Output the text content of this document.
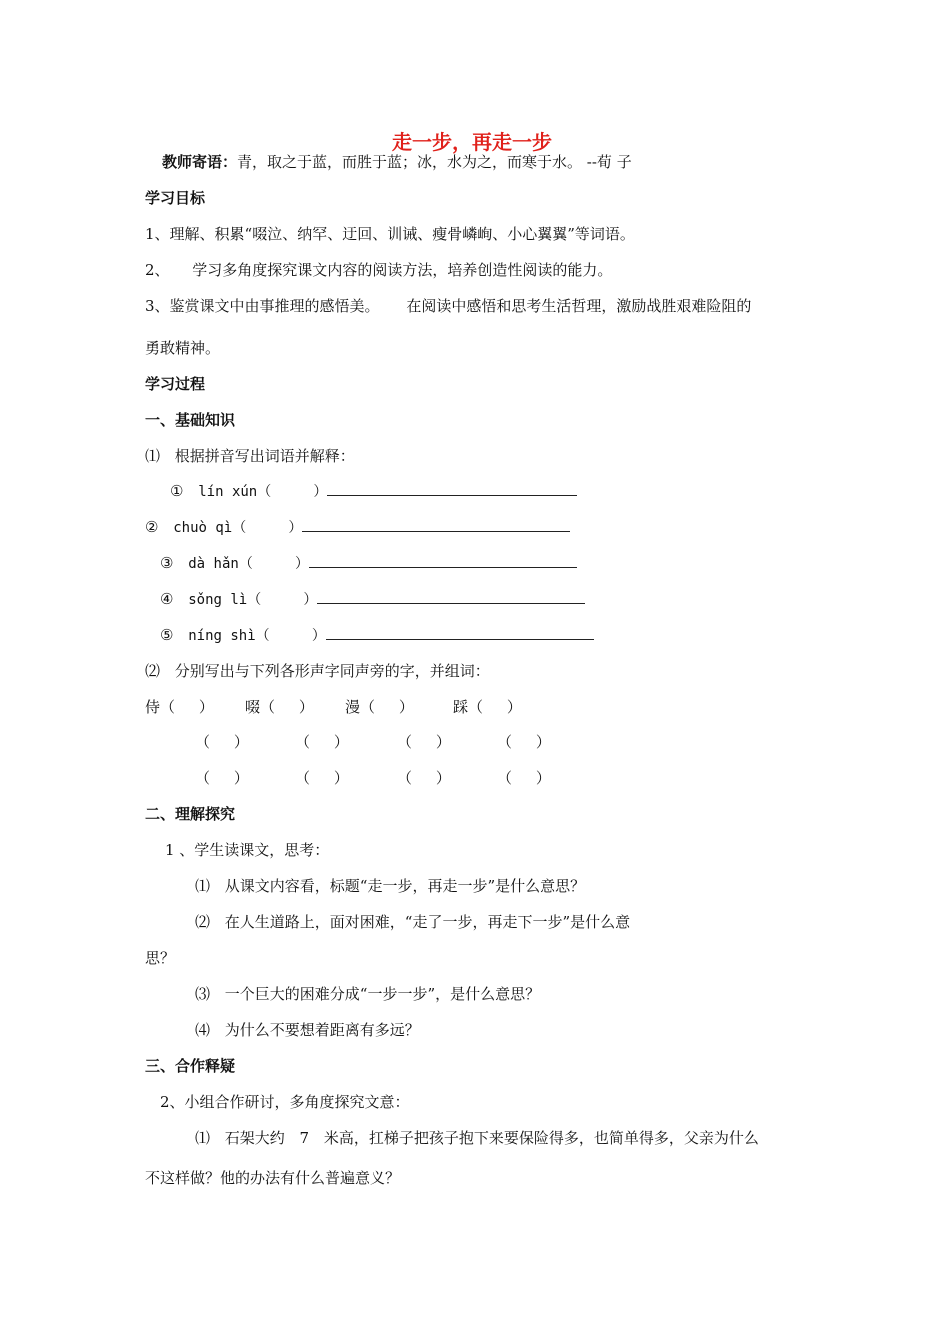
走一步，再走一步
教师寄语：青，取之于蓝，而胜于蓝；冰，水为之，而寒于水。 --荀 子
学习目标
1、理解、积累“啜泣、纳罕、迂回、训诫、瘦骨嶙峋、小心翼翼”等词语。
2、 学习多角度探究课文内容的阅读方法，培养创造性阅读的能力。
3、鉴赏课文中由事推理的感悟美。 在阅读中感悟和思考生活哲理，激励战胜艰难险阻的
勇敢精神。
学习过程
一、基础知识
⑴ 根据拼音写出词语并解释：
① lín xún（     ）
② chuò qì（     ）
③ dà hǎn（     ）
④ sǒng lì（     ）
⑤ níng shì（     ）
⑵ 分别写出与下列各形声字同声旁的字，并组词：
侍（     ） 啜（     ） 漫（     ）	踩（     ）
（     ）	（     ）	（     ）	（     ）
（     ）	（     ）	（     ）	（     ）
二、理解探究
1 、学生读课文，思考：
⑴ 从课文内容看，标题“走一步，再走一步”是什么意思？
⑵ 在人生道路上，面对困难，“走了一步，再走下一步”是什么意
思？
⑶ 一个巨大的困难分成“一步一步”，是什么意思？
⑷ 为什么不要想着距离有多远？
三、合作释疑
2、小组合作研讨，多角度探究文意：
⑴ 石架大约 7 米高，扛梯子把孩子抱下来要保险得多，也简单得多，父亲为什么
不这样做？他的办法有什么普遍意义？
